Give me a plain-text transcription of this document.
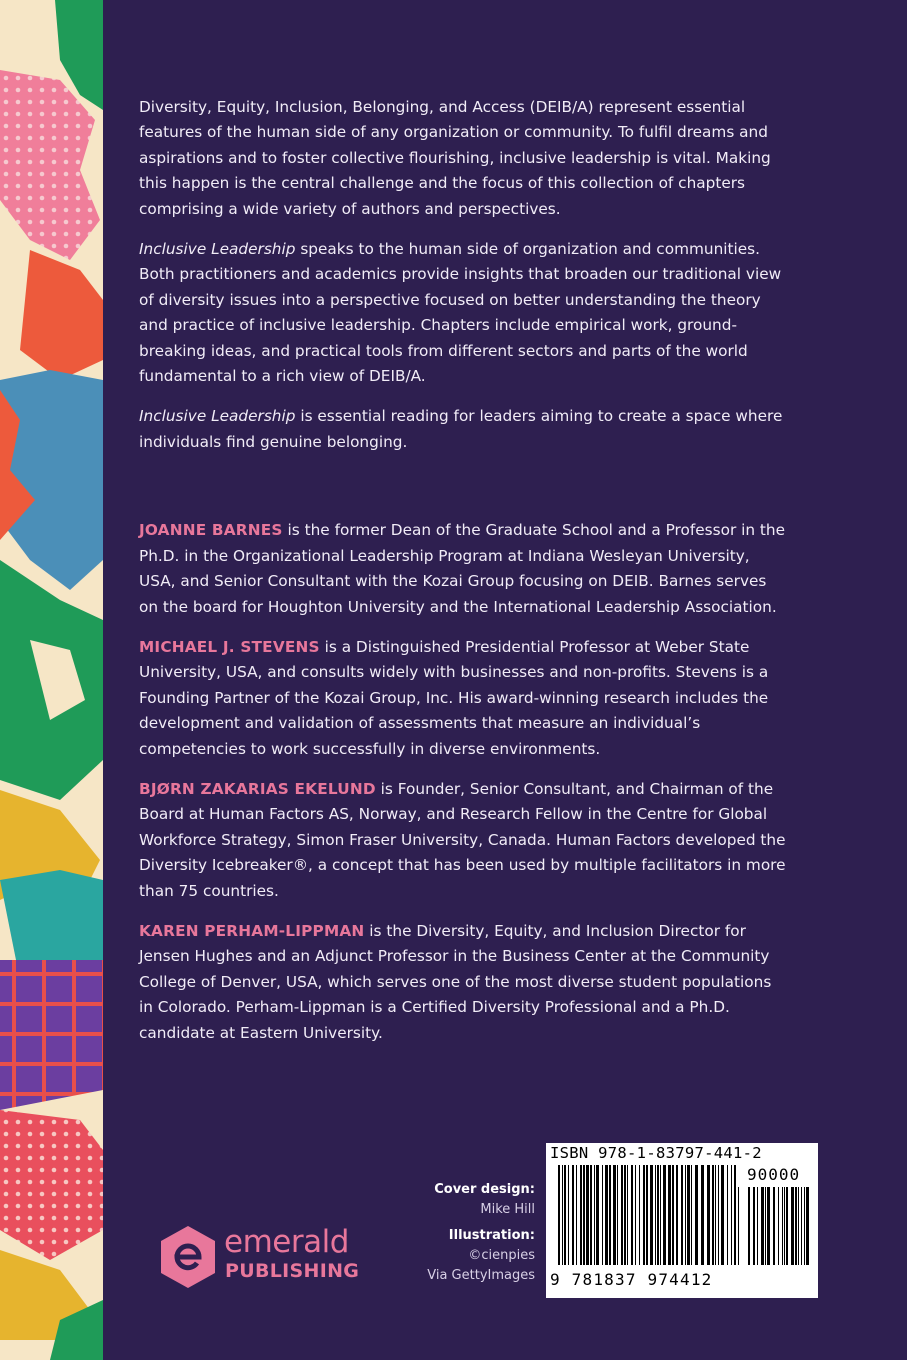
Diversity, Equity, Inclusion, Belonging, and Access (DEIB/A) represent essential features of the human side of any organization or community. To fulfil dreams and aspirations and to foster collective flourishing, inclusive leadership is vital. Making this happen is the central challenge and the focus of this collection of chapters comprising a wide variety of authors and perspectives.

Inclusive Leadership speaks to the human side of organization and communities. Both practitioners and academics provide insights that broaden our traditional view of diversity issues into a perspective focused on better understanding the theory and practice of inclusive leadership. Chapters include empirical work, ground-breaking ideas, and practical tools from different sectors and parts of the world fundamental to a rich view of DEIB/A.

Inclusive Leadership is essential reading for leaders aiming to create a space where individuals find genuine belonging.

JOANNE BARNES is the former Dean of the Graduate School and a Professor in the Ph.D. in the Organizational Leadership Program at Indiana Wesleyan University, USA, and Senior Consultant with the Kozai Group focusing on DEIB. Barnes serves on the board for Houghton University and the International Leadership Association.

MICHAEL J. STEVENS is a Distinguished Presidential Professor at Weber State University, USA, and consults widely with businesses and non-profits. Stevens is a Founding Partner of the Kozai Group, Inc. His award-winning research includes the development and validation of assessments that measure an individual’s competencies to work successfully in diverse environments.

BJØRN ZAKARIAS EKELUND is Founder, Senior Consultant, and Chairman of the Board at Human Factors AS, Norway, and Research Fellow in the Centre for Global Workforce Strategy, Simon Fraser University, Canada. Human Factors developed the Diversity Icebreaker®, a concept that has been used by multiple facilitators in more than 75 countries.

KAREN PERHAM-LIPPMAN is the Diversity, Equity, and Inclusion Director for Jensen Hughes and an Adjunct Professor in the Business Center at the Community College of Denver, USA, which serves one of the most diverse student populations in Colorado. Perham-Lippman is a Certified Diversity Professional and a Ph.D. candidate at Eastern University.

Cover design:
Mike Hill
Illustration:
©cienpies
Via GettyImages
emerald
PUBLISHING
ISBN 978-1-83797-441-2
90000
9 781837 974412
